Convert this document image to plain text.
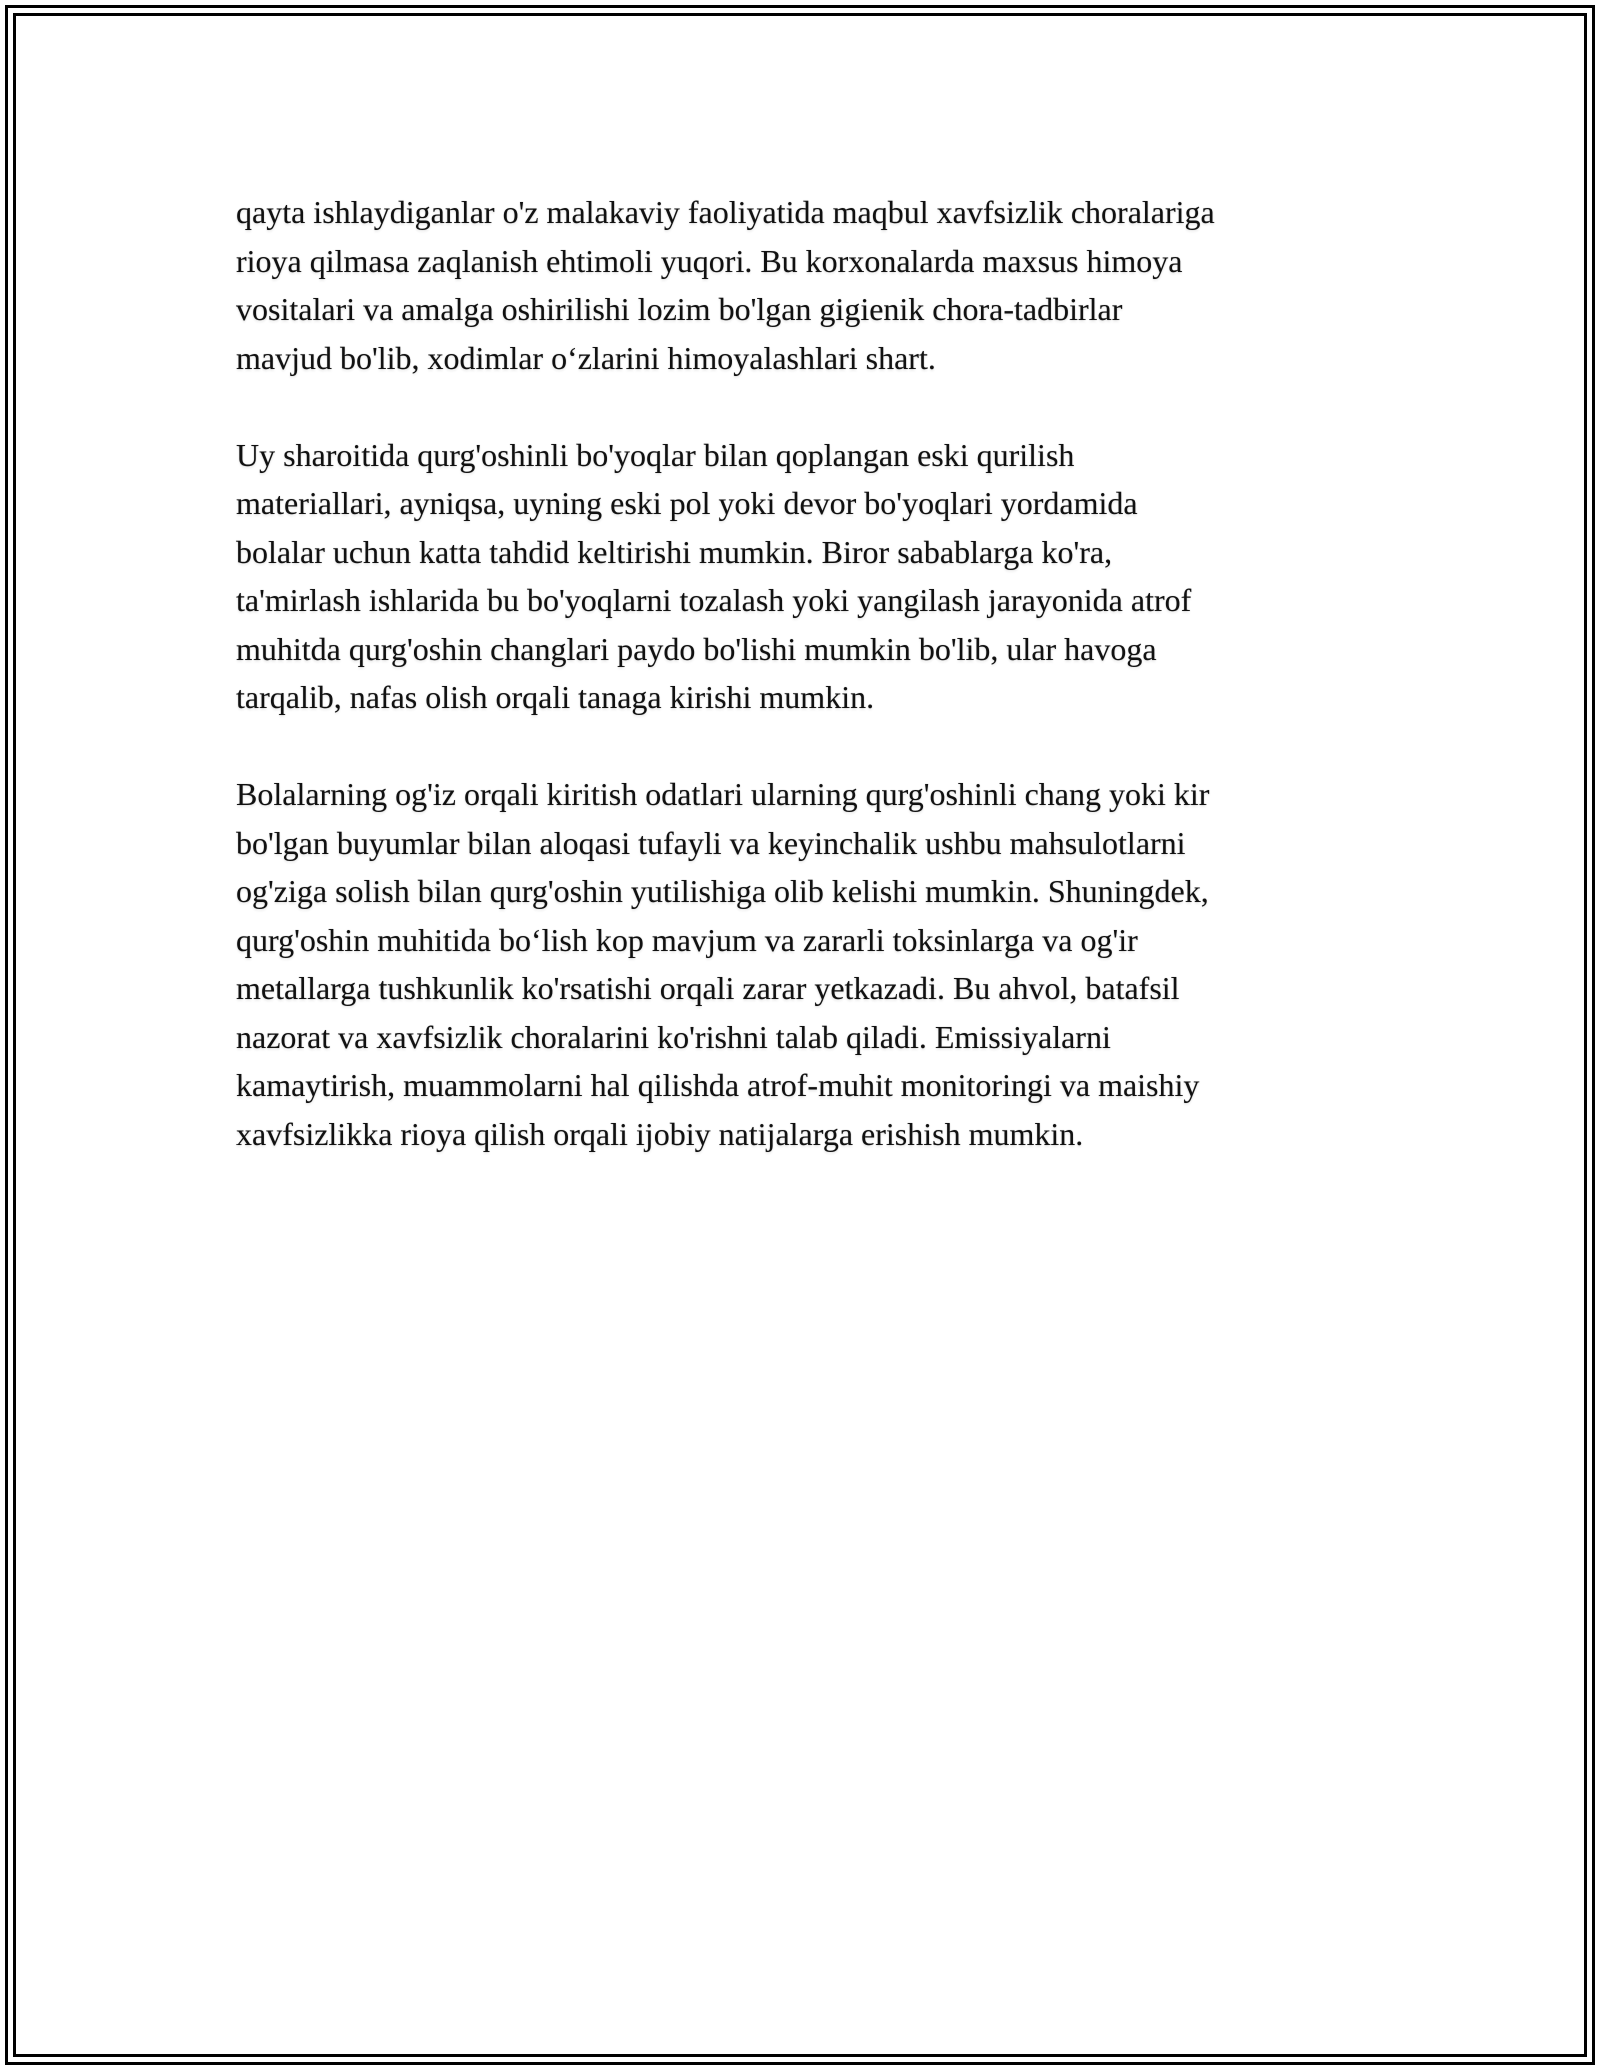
qayta ishlaydiganlar o'z malakaviy faoliyatida maqbul xavfsizlik choralariga
rioya qilmasa zaqlanish ehtimoli yuqori. Bu korxonalarda maxsus himoya
vositalari va amalga oshirilishi lozim bo'lgan gigienik chora-tadbirlar
mavjud bo'lib, xodimlar o‘zlarini himoyalashlari shart.

Uy sharoitida qurg'oshinli bo'yoqlar bilan qoplangan eski qurilish
materiallari, ayniqsa, uyning eski pol yoki devor bo'yoqlari yordamida
bolalar uchun katta tahdid keltirishi mumkin. Biror sabablarga ko'ra,
ta'mirlash ishlarida bu bo'yoqlarni tozalash yoki yangilash jarayonida atrof
muhitda qurg'oshin changlari paydo bo'lishi mumkin bo'lib, ular havoga
tarqalib, nafas olish orqali tanaga kirishi mumkin.

Bolalarning og'iz orqali kiritish odatlari ularning qurg'oshinli chang yoki kir
bo'lgan buyumlar bilan aloqasi tufayli va keyinchalik ushbu mahsulotlarni
og'ziga solish bilan qurg'oshin yutilishiga olib kelishi mumkin. Shuningdek,
qurg'oshin muhitida bo‘lish kop mavjum va zararli toksinlarga va og'ir
metallarga tushkunlik ko'rsatishi orqali zarar yetkazadi. Bu ahvol, batafsil
nazorat va xavfsizlik choralarini ko'rishni talab qiladi. Emissiyalarni
kamaytirish, muammolarni hal qilishda atrof-muhit monitoringi va maishiy
xavfsizlikka rioya qilish orqali ijobiy natijalarga erishish mumkin.
